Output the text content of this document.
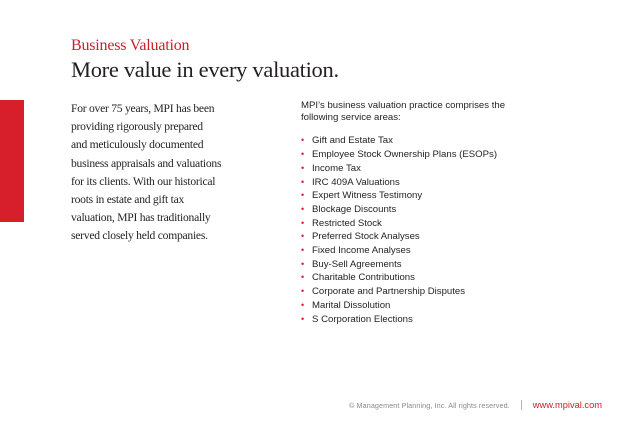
Business Valuation
More value in every valuation.
For over 75 years, MPI has been
providing rigorously prepared
and meticulously documented
business appraisals and valuations
for its clients. With our historical
roots in estate and gift tax
valuation, MPI has traditionally
served closely held companies.

MPI’s business valuation practice comprises the
following service areas:

• Gift and Estate Tax
• Employee Stock Ownership Plans (ESOPs)
• Income Tax
• IRC 409A Valuations
• Expert Witness Testimony
• Blockage Discounts
• Restricted Stock
• Preferred Stock Analyses
• Fixed Income Analyses
• Buy-Sell Agreements
• Charitable Contributions
• Corporate and Partnership Disputes
• Marital Dissolution
• S Corporation Elections
© Management Planning, Inc. All rights reserved. www.mpival.com
